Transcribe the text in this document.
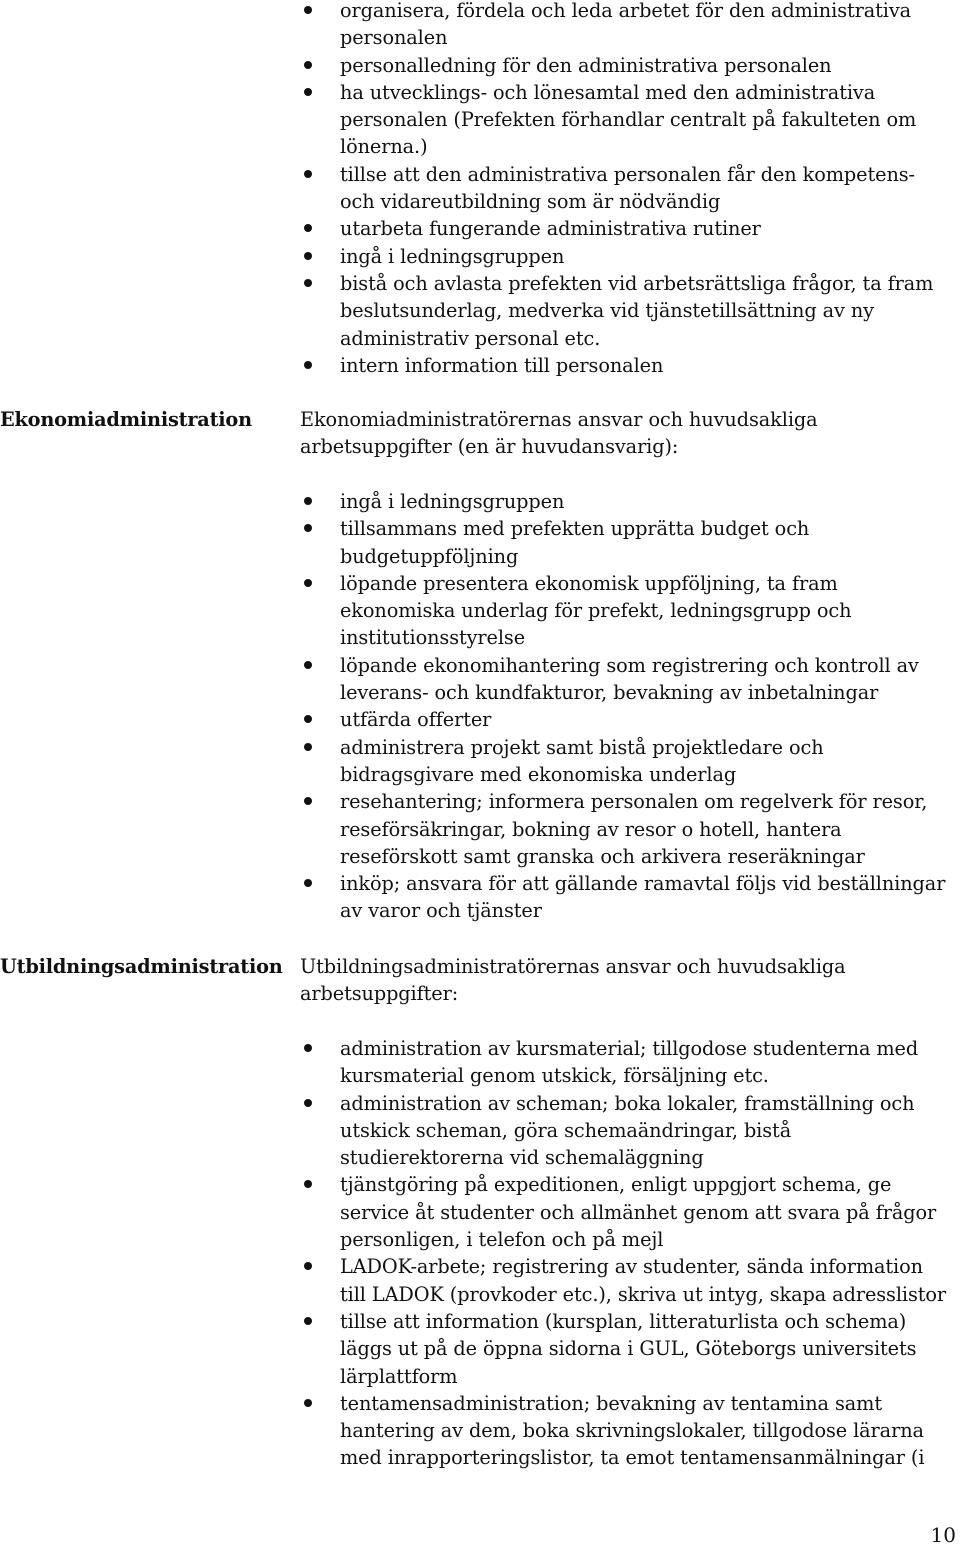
organisera, fördela och leda arbetet för den administrativa
personalen
personalledning för den administrativa personalen
ha utvecklings- och lönesamtal med den administrativa
personalen (Prefekten förhandlar centralt på fakulteten om
lönerna.)
tillse att den administrativa personalen får den kompetens-
och vidareutbildning som är nödvändig
utarbeta fungerande administrativa rutiner
ingå i ledningsgruppen
bistå och avlasta prefekten vid arbetsrättsliga frågor, ta fram
beslutsunderlag, medverka vid tjänstetillsättning av ny
administrativ personal etc.
intern information till personalen
Ekonomiadministration Ekonomiadministratörernas ansvar och huvudsakliga
arbetsuppgifter (en är huvudansvarig):
ingå i ledningsgruppen
tillsammans med prefekten upprätta budget och
budgetuppföljning
löpande presentera ekonomisk uppföljning, ta fram
ekonomiska underlag för prefekt, ledningsgrupp och
institutionsstyrelse
löpande ekonomihantering som registrering och kontroll av
leverans- och kundfakturor, bevakning av inbetalningar
utfärda offerter
administrera projekt samt bistå projektledare och
bidragsgivare med ekonomiska underlag
resehantering; informera personalen om regelverk för resor,
reseförsäkringar, bokning av resor o hotell, hantera
reseförskott samt granska och arkivera reseräkningar
inköp; ansvara för att gällande ramavtal följs vid beställningar
av varor och tjänster
Utbildningsadministration Utbildningsadministratörernas ansvar och huvudsakliga
arbetsuppgifter:
administration av kursmaterial; tillgodose studenterna med
kursmaterial genom utskick, försäljning etc.
administration av scheman; boka lokaler, framställning och
utskick scheman, göra schemaändringar, bistå
studierektorerna vid schemaläggning
tjänstgöring på expeditionen, enligt uppgjort schema, ge
service åt studenter och allmänhet genom att svara på frågor
personligen, i telefon och på mejl
LADOK-arbete; registrering av studenter, sända information
till LADOK (provkoder etc.), skriva ut intyg, skapa adresslistor
tillse att information (kursplan, litteraturlista och schema)
läggs ut på de öppna sidorna i GUL, Göteborgs universitets
lärplattform
tentamensadministration; bevakning av tentamina samt
hantering av dem, boka skrivningslokaler, tillgodose lärarna
med inrapporteringslistor, ta emot tentamensanmälningar (i
10
